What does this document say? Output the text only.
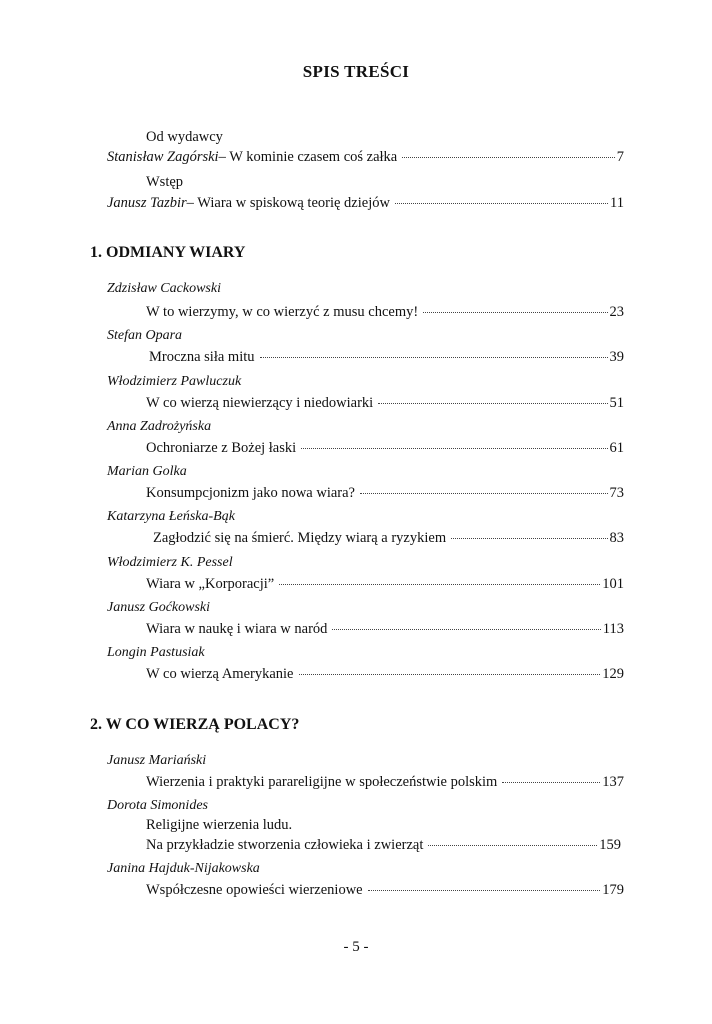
SPIS TREŚCI
Od wydawcy
Stanisław Zagórski – W kominie czasem coś załka	7
Wstęp
Janusz Tazbir – Wiara w spiskową teorię dziejów	11
1. ODMIANY WIARY
Zdzisław Cackowski
W to wierzymy, w co wierzyć z musu chcemy!	23
Stefan Opara
Mroczna siła mitu	39
Włodzimierz Pawluczuk
W co wierzą niewierzący i niedowiarki	51
Anna Zadrożyńska
Ochroniarze z Bożej łaski	61
Marian Golka
Konsumpcjonizm jako nowa wiara?	73
Katarzyna Łeńska-Bąk
Zagłodzić się na śmierć. Między wiarą a ryzykiem	83
Włodzimierz K. Pessel
Wiara w „Korporacji”	101
Janusz Goćkowski
Wiara w naukę i wiara w naród	113
Longin Pastusiak
W co wierzą Amerykanie	129
2. W CO WIERZĄ POLACY?
Janusz Mariański
Wierzenia i praktyki parareligijne w społeczeństwie polskim	137
Dorota Simonides
Religijne wierzenia ludu.
Na przykładzie stworzenia człowieka i zwierząt	159
Janina Hajduk-Nijakowska
Współczesne opowieści wierzeniowe	179
- 5 -
